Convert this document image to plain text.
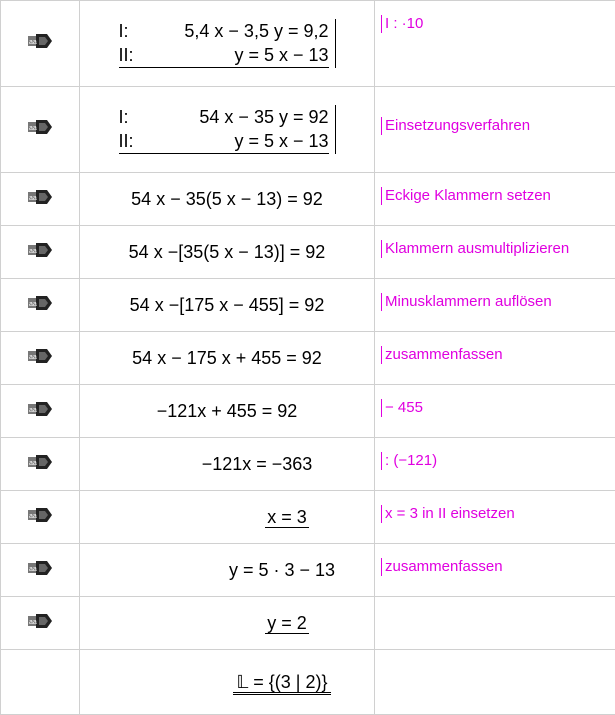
aa	I: 5,4 x − 3,5 y = 9,2
II: y = 5 x − 13	I : ·10

aa	I: 54 x − 35 y = 92
II: y = 5 x − 13	Einsetzungsverfahren

aa	54 x − 35(5 x − 13) = 92	Eckige Klammern setzen

aa	54 x −[35(5 x − 13)] = 92	Klammern ausmultiplizieren

aa	54 x −[175 x − 455] = 92	Minusklammern auflösen

aa	54 x − 175 x + 455 = 92	zusammenfassen

aa	−121x + 455 = 92	− 455

aa	−121x = −363	: (−121)

aa	x = 3	x = 3 in II einsetzen

aa	y = 5 · 3 − 13	zusammenfassen

aa	y = 2	
	𝕃 = {(3 | 2)}	
